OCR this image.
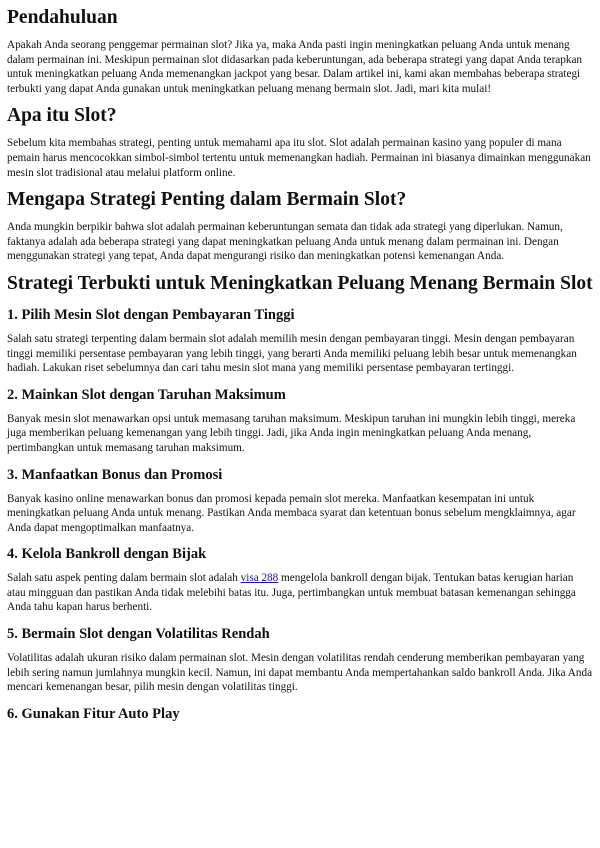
Pendahuluan

Apakah Anda seorang penggemar permainan slot? Jika ya, maka Anda pasti ingin meningkatkan peluang Anda untuk menang dalam permainan ini. Meskipun permainan slot didasarkan pada keberuntungan, ada beberapa strategi yang dapat Anda terapkan untuk meningkatkan peluang Anda memenangkan jackpot yang besar. Dalam artikel ini, kami akan membahas beberapa strategi terbukti yang dapat Anda gunakan untuk meningkatkan peluang menang bermain slot. Jadi, mari kita mulai!

Apa itu Slot?

Sebelum kita membahas strategi, penting untuk memahami apa itu slot. Slot adalah permainan kasino yang populer di mana pemain harus mencocokkan simbol-simbol tertentu untuk memenangkan hadiah. Permainan ini biasanya dimainkan menggunakan mesin slot tradisional atau melalui platform online.

Mengapa Strategi Penting dalam Bermain Slot?

Anda mungkin berpikir bahwa slot adalah permainan keberuntungan semata dan tidak ada strategi yang diperlukan. Namun, faktanya adalah ada beberapa strategi yang dapat meningkatkan peluang Anda untuk menang dalam permainan ini. Dengan menggunakan strategi yang tepat, Anda dapat mengurangi risiko dan meningkatkan potensi kemenangan Anda.

Strategi Terbukti untuk Meningkatkan Peluang Menang Bermain Slot
1. Pilih Mesin Slot dengan Pembayaran Tinggi

Salah satu strategi terpenting dalam bermain slot adalah memilih mesin dengan pembayaran tinggi. Mesin dengan pembayaran tinggi memiliki persentase pembayaran yang lebih tinggi, yang berarti Anda memiliki peluang lebih besar untuk memenangkan hadiah. Lakukan riset sebelumnya dan cari tahu mesin slot mana yang memiliki persentase pembayaran tertinggi.

2. Mainkan Slot dengan Taruhan Maksimum

Banyak mesin slot menawarkan opsi untuk memasang taruhan maksimum. Meskipun taruhan ini mungkin lebih tinggi, mereka juga memberikan peluang kemenangan yang lebih tinggi. Jadi, jika Anda ingin meningkatkan peluang Anda menang, pertimbangkan untuk memasang taruhan maksimum.

3. Manfaatkan Bonus dan Promosi

Banyak kasino online menawarkan bonus dan promosi kepada pemain slot mereka. Manfaatkan kesempatan ini untuk meningkatkan peluang Anda untuk menang. Pastikan Anda membaca syarat dan ketentuan bonus sebelum mengklaimnya, agar Anda dapat mengoptimalkan manfaatnya.

4. Kelola Bankroll dengan Bijak

Salah satu aspek penting dalam bermain slot adalah visa 288 mengelola bankroll dengan bijak. Tentukan batas kerugian harian atau mingguan dan pastikan Anda tidak melebihi batas itu. Juga, pertimbangkan untuk membuat batasan kemenangan sehingga Anda tahu kapan harus berhenti.

5. Bermain Slot dengan Volatilitas Rendah

Volatilitas adalah ukuran risiko dalam permainan slot. Mesin dengan volatilitas rendah cenderung memberikan pembayaran yang lebih sering namun jumlahnya mungkin kecil. Namun, ini dapat membantu Anda mempertahankan saldo bankroll Anda. Jika Anda mencari kemenangan besar, pilih mesin dengan volatilitas tinggi.

6. Gunakan Fitur Auto Play
